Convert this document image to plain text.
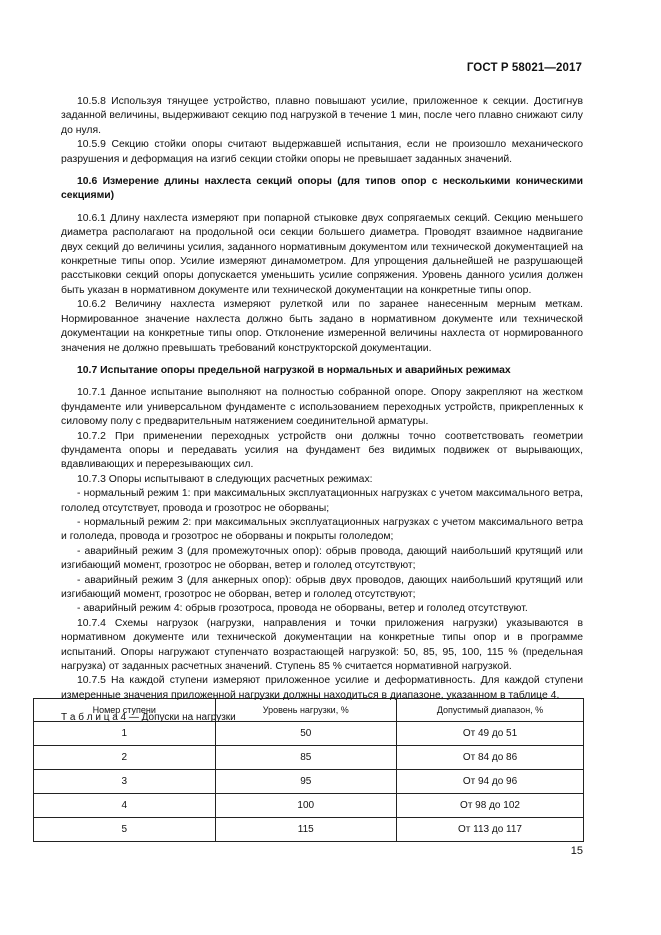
ГОСТ Р 58021—2017

10.5.8 Используя тянущее устройство, плавно повышают усилие, приложенное к секции. Достигнув заданной величины, выдерживают секцию под нагрузкой в течение 1 мин, после чего плавно снижают силу до нуля.

10.5.9 Секцию стойки опоры считают выдержавшей испытания, если не произошло механического разрушения и деформация на изгиб секции стойки опоры не превышает заданных значений.

10.6 Измерение длины нахлеста секций опоры (для типов опор с несколькими коническими секциями)

10.6.1 Длину нахлеста измеряют при попарной стыковке двух сопрягаемых секций. Секцию меньшего диаметра располагают на продольной оси секции большего диаметра. Проводят взаимное надвигание двух секций до величины усилия, заданного нормативным документом или технической документацией на конкретные типы опор. Усилие измеряют динамометром. Для упрощения дальнейшей не разрушающей расстыковки секций опоры допускается уменьшить усилие сопряжения. Уровень данного усилия должен быть указан в нормативном документе или технической документации на конкретные типы опор.

10.6.2 Величину нахлеста измеряют рулеткой или по заранее нанесенным мерным меткам. Нормированное значение нахлеста должно быть задано в нормативном документе или технической документации на конкретные типы опор. Отклонение измеренной величины нахлеста от нормированного значения не должно превышать требований конструкторской документации.

10.7 Испытание опоры предельной нагрузкой в нормальных и аварийных режимах

10.7.1 Данное испытание выполняют на полностью собранной опоре. Опору закрепляют на жестком фундаменте или универсальном фундаменте с использованием переходных устройств, прикрепленных к силовому полу с предварительным натяжением соединительной арматуры.

10.7.2 При применении переходных устройств они должны точно соответствовать геометрии фундамента опоры и передавать усилия на фундамент без видимых подвижек от вырывающих, вдавливающих и перерезывающих сил.

10.7.3 Опоры испытывают в следующих расчетных режимах:

- нормальный режим 1: при максимальных эксплуатационных нагрузках с учетом максимального ветра, гололед отсутствует, провода и грозотрос не оборваны;

- нормальный режим 2: при максимальных эксплуатационных нагрузках с учетом максимального ветра и гололеда, провода и грозотрос не оборваны и покрыты гололедом;

- аварийный режим 3 (для промежуточных опор): обрыв провода, дающий наибольший крутящий или изгибающий момент, грозотрос не оборван, ветер и гололед отсутствуют;

- аварийный режим 3 (для анкерных опор): обрыв двух проводов, дающих наибольший крутящий или изгибающий момент, грозотрос не оборван, ветер и гололед отсутствуют;

- аварийный режим 4: обрыв грозотроса, провода не оборваны, ветер и гололед отсутствуют.

10.7.4 Схемы нагрузок (нагрузки, направления и точки приложения нагрузки) указываются в нормативном документе или технической документации на конкретные типы опор и в программе испытаний. Опоры нагружают ступенчато возрастающей нагрузкой: 50, 85, 95, 100, 115 % (предельная нагрузка) от заданных расчетных значений. Ступень 85 % считается нормативной нагрузкой.

10.7.5 На каждой ступени измеряют приложенное усилие и деформативность. Для каждой ступени измеренные значения приложенной нагрузки должны находиться в диапазоне, указанном в таблице 4.

Т а б л и ц а 4 — Допуски на нагрузки
Номер ступени	Уровень нагрузки, %	Допустимый диапазон, %
1	50	От 49 до 51
2	85	От 84 до 86
3	95	От 94 до 96
4	100	От 98 до 102
5	115	От 113 до 117
15
